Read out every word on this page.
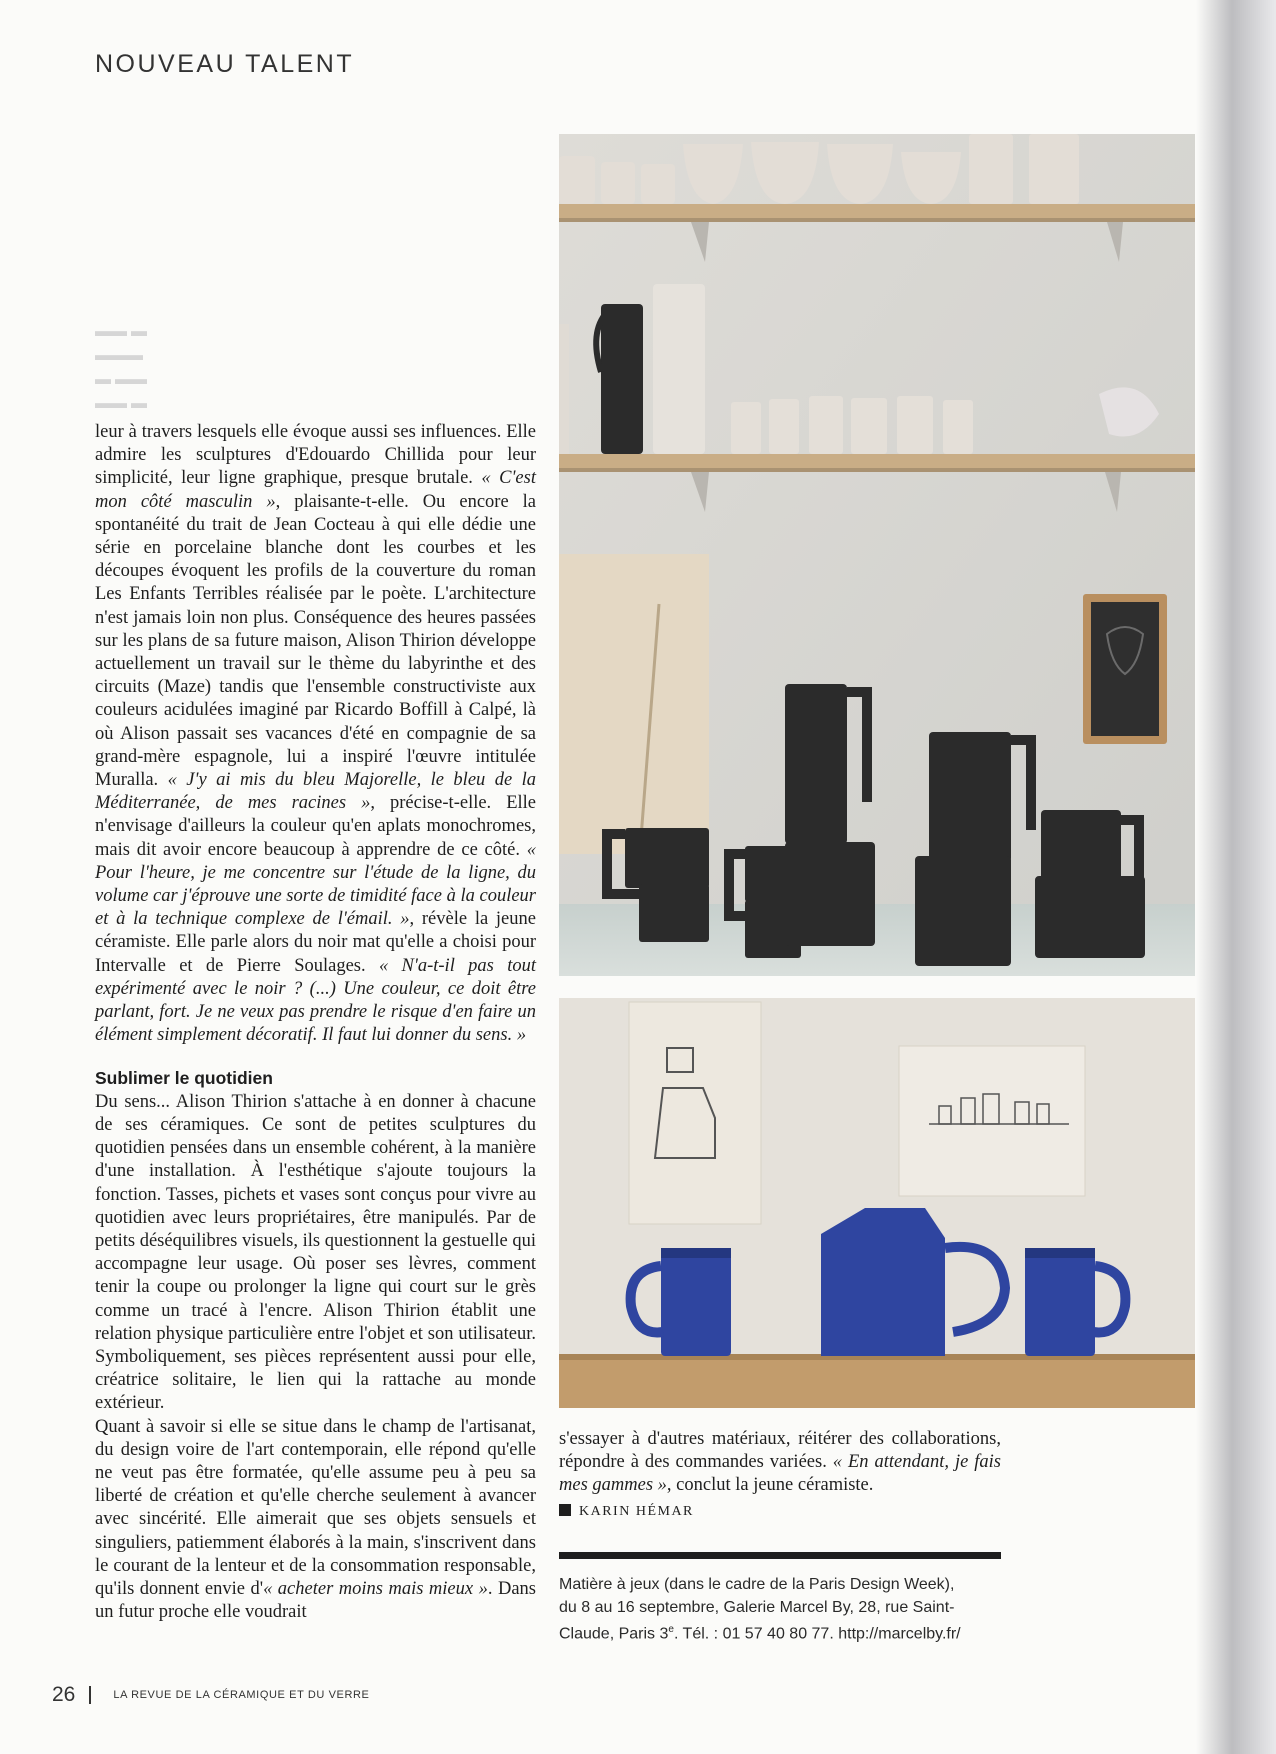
NOUVEAU TALENT
▬▬ ▬
▬▬▬
▬ ▬▬
▬▬ ▬

leur à travers lesquels elle évoque aussi ses influences. Elle admire les sculptures d'Edouardo Chillida pour leur simplicité, leur ligne graphique, presque brutale. « C'est mon côté masculin », plaisante-t-elle. Ou encore la spontanéité du trait de Jean Cocteau à qui elle dédie une série en porcelaine blanche dont les courbes et les découpes évoquent les profils de la couverture du roman Les Enfants Terribles réalisée par le poète. L'architecture n'est jamais loin non plus. Conséquence des heures passées sur les plans de sa future maison, Alison Thirion développe actuellement un travail sur le thème du labyrinthe et des circuits (Maze) tandis que l'ensemble constructiviste aux couleurs acidulées imaginé par Ricardo Boffill à Calpé, là où Alison passait ses vacances d'été en compagnie de sa grand-mère espagnole, lui a inspiré l'œuvre intitulée Muralla. « J'y ai mis du bleu Majorelle, le bleu de la Méditerranée, de mes racines », précise-t-elle. Elle n'envisage d'ailleurs la couleur qu'en aplats monochromes, mais dit avoir encore beaucoup à apprendre de ce côté. « Pour l'heure, je me concentre sur l'étude de la ligne, du volume car j'éprouve une sorte de timidité face à la couleur et à la technique complexe de l'émail. », révèle la jeune céramiste. Elle parle alors du noir mat qu'elle a choisi pour Intervalle et de Pierre Soulages. « N'a-t-il pas tout expérimenté avec le noir ? (...) Une couleur, ce doit être parlant, fort. Je ne veux pas prendre le risque d'en faire un élément simplement décoratif. Il faut lui donner du sens. »

Sublimer le quotidien

Du sens... Alison Thirion s'attache à en donner à chacune de ses céramiques. Ce sont de petites sculptures du quotidien pensées dans un ensemble cohérent, à la manière d'une installation. À l'esthétique s'ajoute toujours la fonction. Tasses, pichets et vases sont conçus pour vivre au quotidien avec leurs propriétaires, être manipulés. Par de petits déséquilibres visuels, ils questionnent la gestuelle qui accompagne leur usage. Où poser ses lèvres, comment tenir la coupe ou prolonger la ligne qui court sur le grès comme un tracé à l'encre. Alison Thirion établit une relation physique particulière entre l'objet et son utilisateur. Symboliquement, ses pièces représentent aussi pour elle, créatrice solitaire, le lien qui la rattache au monde extérieur.

Quant à savoir si elle se situe dans le champ de l'artisanat, du design voire de l'art contemporain, elle répond qu'elle ne veut pas être formatée, qu'elle assume peu à peu sa liberté de création et qu'elle cherche seulement à avancer avec sincérité. Elle aimerait que ses objets sensuels et singuliers, patiemment élaborés à la main, s'inscrivent dans le courant de la lenteur et de la consommation responsable, qu'ils donnent envie d'« acheter moins mais mieux ». Dans un futur proche elle voudrait

s'essayer à d'autres matériaux, réitérer des collaborations, répondre à des commandes variées. « En attendant, je fais mes gammes », conclut la jeune céramiste.

KARIN HÉMAR

Matière à jeux (dans le cadre de la Paris Design Week),
du 8 au 16 septembre, Galerie Marcel By, 28, rue Saint-
Claude, Paris 3e. Tél. : 01 57 40 80 77. http://marcelby.fr/
26	LA REVUE DE LA CÉRAMIQUE ET DU VERRE
